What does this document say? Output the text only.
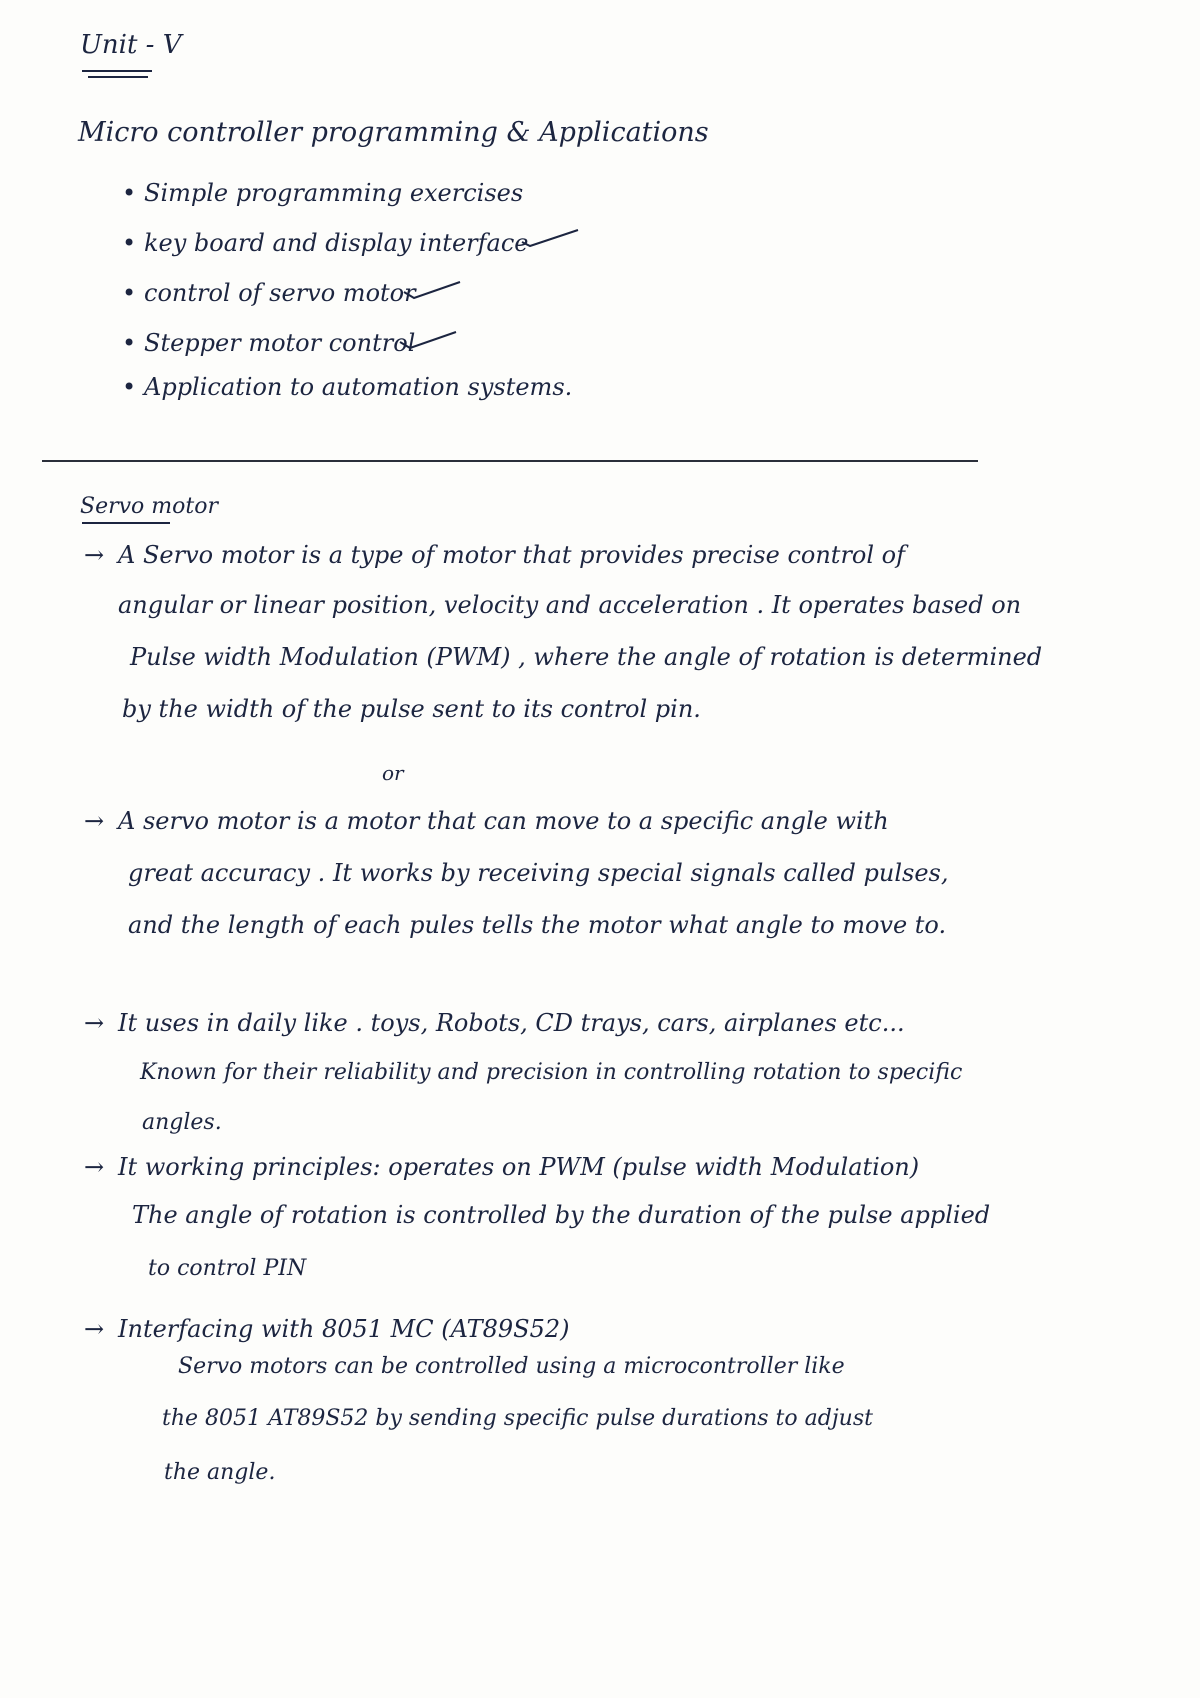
Unit - V
Micro controller programming & Applications
• Simple programming exercises
• key board and display interface
• control of servo motor
• Stepper motor control
• Application to automation systems.
Servo motor
→ A Servo motor is a type of motor that provides precise control of
angular or linear position, velocity and acceleration . It operates based on
Pulse width Modulation (PWM) , where the angle of rotation is determined
by the width of the pulse sent to its control pin.
or
→ A servo motor is a motor that can move to a specific angle with
great accuracy . It works by receiving special signals called pulses,
and the length of each pules tells the motor what angle to move to.
→ It uses in daily like . toys, Robots, CD trays, cars, airplanes etc...
Known for their reliability and precision in controlling rotation to specific
angles.
→ It working principles: operates on PWM (pulse width Modulation)
The angle of rotation is controlled by the duration of the pulse applied
to control PIN
→ Interfacing with 8051 MC (AT89S52)
Servo motors can be controlled using a microcontroller like
the 8051 AT89S52 by sending specific pulse durations to adjust
the angle.
